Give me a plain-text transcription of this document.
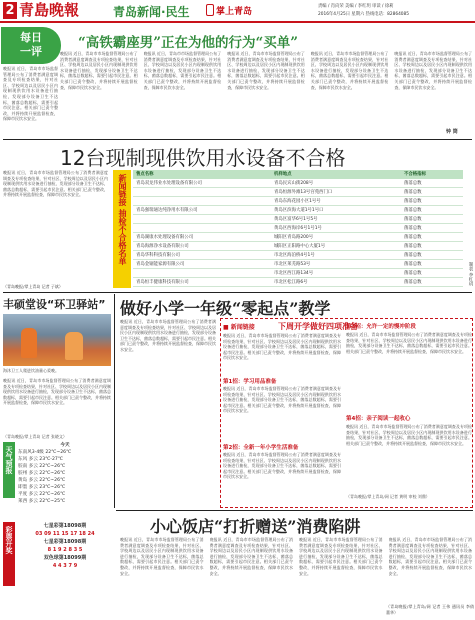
2 青島晚報	青岛新闻·民生	掌上青岛	责编 / 肖向荣 美编 / 李红玥 审读 / 徐莉
2016年4月25日 星期六 热线电话：82864085
每日
一评
“高铁霸座男”正在为他的行为“买单”
晚报讯 近日，青岛市市场监督管理局公布了消费者满意度调查及专项检查结果，针对社区、学校周边以及居民小区内现制现供饮用水设备进行抽检，发现部分设备卫生不达标，菌落总数超标，需要引起市民注意。相关部门已责令整改，并将持续开展监督检查，保障市民饮水安全。
晚报讯 近日，青岛市市场监督管理局公布了消费者满意度调查及专项检查结果，针对社区、学校周边以及居民小区内现制现供饮用水设备进行抽检，发现部分设备卫生不达标，菌落总数超标，需要引起市民注意。相关部门已责令整改，并将持续开展监督检查，保障市民饮水安全。
晚报讯 近日，青岛市市场监督管理局公布了消费者满意度调查及专项检查结果，针对社区、学校周边以及居民小区内现制现供饮用水设备进行抽检，发现部分设备卫生不达标，菌落总数超标，需要引起市民注意。相关部门已责令整改，并将持续开展监督检查，保障市民饮水安全。
晚报讯 近日，青岛市市场监督管理局公布了消费者满意度调查及专项检查结果，针对社区、学校周边以及居民小区内现制现供饮用水设备进行抽检，发现部分设备卫生不达标，菌落总数超标，需要引起市民注意。相关部门已责令整改，并将持续开展监督检查，保障市民饮水安全。
晚报讯 近日，青岛市市场监督管理局公布了消费者满意度调查及专项检查结果，针对社区、学校周边以及居民小区内现制现供饮用水设备进行抽检，发现部分设备卫生不达标，菌落总数超标，需要引起市民注意。相关部门已责令整改，并将持续开展监督检查，保障市民饮水安全。
晚报讯 近日，青岛市市场监督管理局公布了消费者满意度调查及专项检查结果，针对社区、学校周边以及居民小区内现制现供饮用水设备进行抽检，发现部分设备卫生不达标，菌落总数超标，需要引起市民注意。相关部门已责令整改，并将持续开展监督检查，保障市民饮水安全。
钟 筒
12台现制现供饮用水设备不合格
晚报讯 近日，青岛市市场监督管理局公布了消费者满意度调查及专项检查结果，针对社区、学校周边以及居民小区内现制现供饮用水设备进行抽检，发现部分设备卫生不达标，菌落总数超标，需要引起市民注意。相关部门已责令整改，并将持续开展监督检查，保障市民饮水安全。
（青岛晚报/掌上青岛 记者 子斌）
新闻链接 抽检不合格名单	售点名称	机样地点	不合格指标
青岛双龙伟业水处理设备有限公司	青岛民宾山街208号	菌落总数
青岛恒源外滩13号宫苑西门口	菌落总数
青岛东海花园小区1号号	菌落总数
青岛强瑞通达纯净用水有限公司	黄岛区滨海大道1号1号口	菌落总数
黄岛区富华6号1号5号	菌落总数
黄岛区西海岸6号1号1号	菌落总数
青岛湖康水处理设备有限公司	城阳区青岛路200号	菌落总数
青岛海源净水设备有限公司	城阳区正阳路中心大厦1号	菌落总数
青岛华科科技有限公司	市北区海泊桥4号1号	菌落总数
青岛金锢能家源有限公司	市北区莱芜路53号	菌落总数
市北区西江路134号	菌落总数
青岛恒丰健康科技有限公司	市北区松江路6号	菌落总数	制表 李红玥
丰硕堂设“环卫驿站”
海沐卫工人爬进饮油量心爱晚。
晚报讯 近日，青岛市市场监督管理局公布了消费者满意度调查及专项检查结果，针对社区、学校周边以及居民小区内现制现供饮用水设备进行抽检，发现部分设备卫生不达标，菌落总数超标，需要引起市民注意。相关部门已责令整改，并将持续开展监督检查，保障市民饮水安全。
（青岛晚报/掌上青岛 记者 张晓文）
天气预报
今天
东南风3-4级 22℃~26℃
东风 多云 23℃-27℃
胶南 多云 22℃~26℃
胶州 多云 22℃~26℃
黄岛 多云 22℃~26℃
即墨 多云 23℃~26℃
平度 多云 22℃~26℃
莱西 多云 22℃~25℃
彩票开奖	七星彩第18098期
03 09 11 15 17 18 24
七星彩第18098期
8 1 9 2 8 3 5
双色球第18099期
4 4 3 7 9
做好小学一年级“零起点”教学
晚报讯 近日，青岛市市场监督管理局公布了消费者满意度调查及专项检查结果，针对社区、学校周边以及居民小区内现制现供饮用水设备进行抽检，发现部分设备卫生不达标，菌落总数超标，需要引起市民注意。相关部门已责令整改，并将持续开展监督检查，保障市民饮水安全。
■ 新闻链接	下周开学做好四项准备
晚报讯 近日，青岛市市场监督管理局公布了消费者满意度调查及专项检查结果，针对社区、学校周边以及居民小区内现制现供饮用水设备进行抽检，发现部分设备卫生不达标，菌落总数超标，需要引起市民注意。相关部门已责令整改，并将持续开展监督检查，保障市民饮水安全。
第1招：学习用品准备
晚报讯 近日，青岛市市场监督管理局公布了消费者满意度调查及专项检查结果，针对社区、学校周边以及居民小区内现制现供饮用水设备进行抽检，发现部分设备卫生不达标，菌落总数超标，需要引起市民注意。相关部门已责令整改，并将持续开展监督检查，保障市民饮水安全。
第2招：全新一年小学生活准备
晚报讯 近日，青岛市市场监督管理局公布了消费者满意度调查及专项检查结果，针对社区、学校周边以及居民小区内现制现供饮用水设备进行抽检，发现部分设备卫生不达标，菌落总数超标，需要引起市民注意。相关部门已责令整改，并将持续开展监督检查，保障市民饮水安全。
第3招：允许一定的慢冲阶段
晚报讯 近日，青岛市市场监督管理局公布了消费者满意度调查及专项检查结果，针对社区、学校周边以及居民小区内现制现供饮用水设备进行抽检，发现部分设备卫生不达标，菌落总数超标，需要引起市民注意。相关部门已责令整改，并将持续开展监督检查，保障市民饮水安全。
第4招：亲子阅读一起收心
晚报讯 近日，青岛市市场监督管理局公布了消费者满意度调查及专项检查结果，针对社区、学校周边以及居民小区内现制现供饮用水设备进行抽检，发现部分设备卫生不达标，菌落总数超标，需要引起市民注意。相关部门已责令整改，并将持续开展监督检查，保障市民饮水安全。
（青岛晚报/掌上青岛/网 记者 黄明 审校 刘鼎）
小心饭店“打折赠送”消费陷阱
晚报讯 近日，青岛市市场监督管理局公布了消费者满意度调查及专项检查结果，针对社区、学校周边以及居民小区内现制现供饮用水设备进行抽检，发现部分设备卫生不达标，菌落总数超标，需要引起市民注意。相关部门已责令整改，并将持续开展监督检查，保障市民饮水安全。
晚报讯 近日，青岛市市场监督管理局公布了消费者满意度调查及专项检查结果，针对社区、学校周边以及居民小区内现制现供饮用水设备进行抽检，发现部分设备卫生不达标，菌落总数超标，需要引起市民注意。相关部门已责令整改，并将持续开展监督检查，保障市民饮水安全。
晚报讯 近日，青岛市市场监督管理局公布了消费者满意度调查及专项检查结果，针对社区、学校周边以及居民小区内现制现供饮用水设备进行抽检，发现部分设备卫生不达标，菌落总数超标，需要引起市民注意。相关部门已责令整改，并将持续开展监督检查，保障市民饮水安全。
晚报讯 近日，青岛市市场监督管理局公布了消费者满意度调查及专项检查结果，针对社区、学校周边以及居民小区内现制现供饮用水设备进行抽检，发现部分设备卫生不达标，菌落总数超标，需要引起市民注意。相关部门已责令整改，并将持续开展监督检查，保障市民饮水安全。
（青岛晚报/掌上青岛/网 记者 王伟 通讯员 李倩 董华）
